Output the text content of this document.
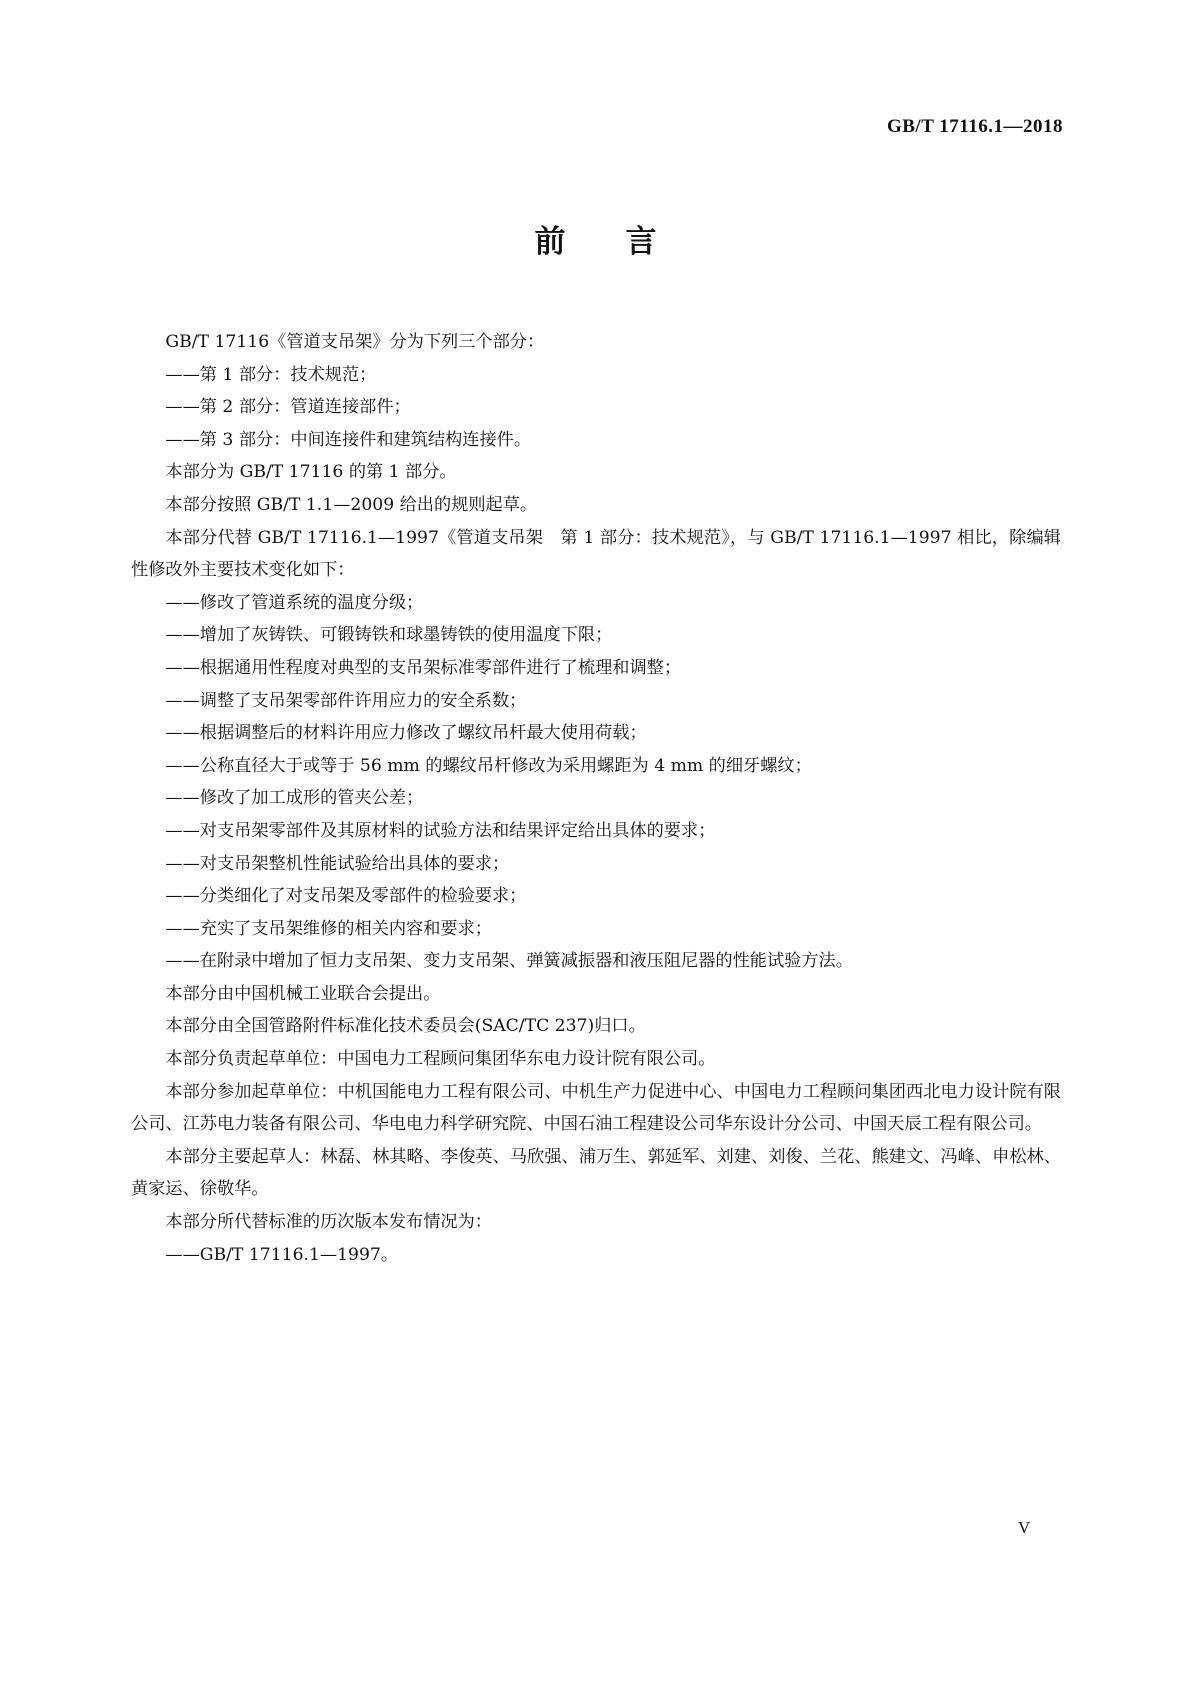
GB/T 17116.1—2018
前言

GB/T 17116《管道支吊架》分为下列三个部分：

——第 1 部分：技术规范；

——第 2 部分：管道连接部件；

——第 3 部分：中间连接件和建筑结构连接件。

本部分为 GB/T 17116 的第 1 部分。

本部分按照 GB/T 1.1—2009 给出的规则起草。

本部分代替 GB/T 17116.1—1997《管道支吊架　第 1 部分：技术规范》，与 GB/T 17116.1—1997 相比，除编辑性修改外主要技术变化如下：

——修改了管道系统的温度分级；

——增加了灰铸铁、可锻铸铁和球墨铸铁的使用温度下限；

——根据通用性程度对典型的支吊架标准零部件进行了梳理和调整；

——调整了支吊架零部件许用应力的安全系数；

——根据调整后的材料许用应力修改了螺纹吊杆最大使用荷载；

——公称直径大于或等于 56 mm 的螺纹吊杆修改为采用螺距为 4 mm 的细牙螺纹；

——修改了加工成形的管夹公差；

——对支吊架零部件及其原材料的试验方法和结果评定给出具体的要求；

——对支吊架整机性能试验给出具体的要求；

——分类细化了对支吊架及零部件的检验要求；

——充实了支吊架维修的相关内容和要求；

——在附录中增加了恒力支吊架、变力支吊架、弹簧减振器和液压阻尼器的性能试验方法。

本部分由中国机械工业联合会提出。

本部分由全国管路附件标准化技术委员会(SAC/TC 237)归口。

本部分负责起草单位：中国电力工程顾问集团华东电力设计院有限公司。

本部分参加起草单位：中机国能电力工程有限公司、中机生产力促进中心、中国电力工程顾问集团西北电力设计院有限公司、江苏电力装备有限公司、华电电力科学研究院、中国石油工程建设公司华东设计分公司、中国天辰工程有限公司。

本部分主要起草人：林磊、林其略、李俊英、马欣强、浦万生、郭延军、刘建、刘俊、兰花、熊建文、冯峰、申松林、黄家运、徐敬华。

本部分所代替标准的历次版本发布情况为：

——GB/T 17116.1—1997。

V
